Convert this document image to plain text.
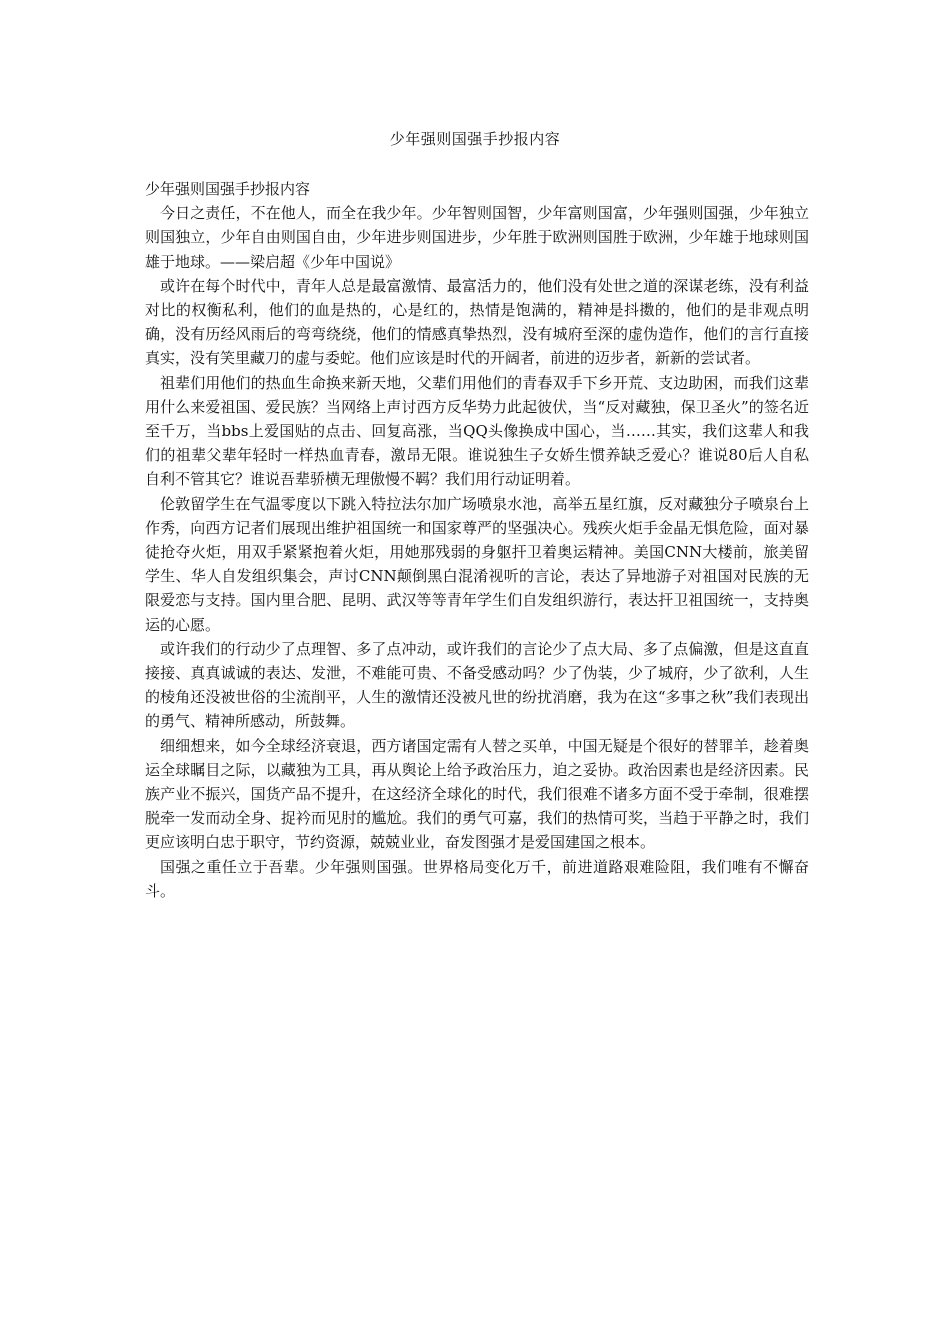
少年强则国强手抄报内容

少年强则国强手抄报内容

今日之责任，不在他人，而全在我少年。少年智则国智，少年富则国富，少年强则国强，少年独立则国独立，少年自由则国自由，少年进步则国进步，少年胜于欧洲则国胜于欧洲，少年雄于地球则国雄于地球。——梁启超《少年中国说》

或许在每个时代中，青年人总是最富激情、最富活力的，他们没有处世之道的深谋老练，没有利益对比的权衡私利，他们的血是热的，心是红的，热情是饱满的，精神是抖擞的，他们的是非观点明确，没有历经风雨后的弯弯绕绕，他们的情感真挚热烈，没有城府至深的虚伪造作，他们的言行直接真实，没有笑里藏刀的虚与委蛇。他们应该是时代的开阔者，前进的迈步者，新新的尝试者。

祖辈们用他们的热血生命换来新天地，父辈们用他们的青春双手下乡开荒、支边助困，而我们这辈用什么来爱祖国、爱民族？当网络上声讨西方反华势力此起彼伏，当“反对藏独，保卫圣火”的签名近至千万，当bbs上爱国贴的点击、回复高涨，当QQ头像换成中国心，当……其实，我们这辈人和我们的祖辈父辈年轻时一样热血青春，激昂无限。谁说独生子女娇生惯养缺乏爱心？谁说80后人自私自利不管其它？谁说吾辈骄横无理傲慢不羁？我们用行动证明着。

伦敦留学生在气温零度以下跳入特拉法尔加广场喷泉水池，高举五星红旗，反对藏独分子喷泉台上作秀，向西方记者们展现出维护祖国统一和国家尊严的坚强决心。残疾火炬手金晶无惧危险，面对暴徒抢夺火炬，用双手紧紧抱着火炬，用她那残弱的身躯扞卫着奥运精神。美国CNN大楼前，旅美留学生、华人自发组织集会，声讨CNN颠倒黑白混淆视听的言论，表达了异地游子对祖国对民族的无限爱恋与支持。国内里合肥、昆明、武汉等等青年学生们自发组织游行，表达扞卫祖国统一，支持奥运的心愿。

或许我们的行动少了点理智、多了点冲动，或许我们的言论少了点大局、多了点偏激，但是这直直接接、真真诚诚的表达、发泄，不难能可贵、不备受感动吗？少了伪装，少了城府，少了欲利，人生的棱角还没被世俗的尘流削平，人生的激情还没被凡世的纷扰消磨，我为在这“多事之秋”我们表现出的勇气、精神所感动，所鼓舞。

细细想来，如今全球经济衰退，西方诸国定需有人替之买单，中国无疑是个很好的替罪羊，趁着奥运全球瞩目之际，以藏独为工具，再从舆论上给予政治压力，迫之妥协。政治因素也是经济因素。民族产业不振兴，国货产品不提升，在这经济全球化的时代，我们很难不诸多方面不受于牵制，很难摆脱牵一发而动全身、捉衿而见肘的尴尬。我们的勇气可嘉，我们的热情可奖，当趋于平静之时，我们更应该明白忠于职守，节约资源，兢兢业业，奋发图强才是爱国建国之根本。

国强之重任立于吾辈。少年强则国强。世界格局变化万千，前进道路艰难险阻，我们唯有不懈奋斗。
